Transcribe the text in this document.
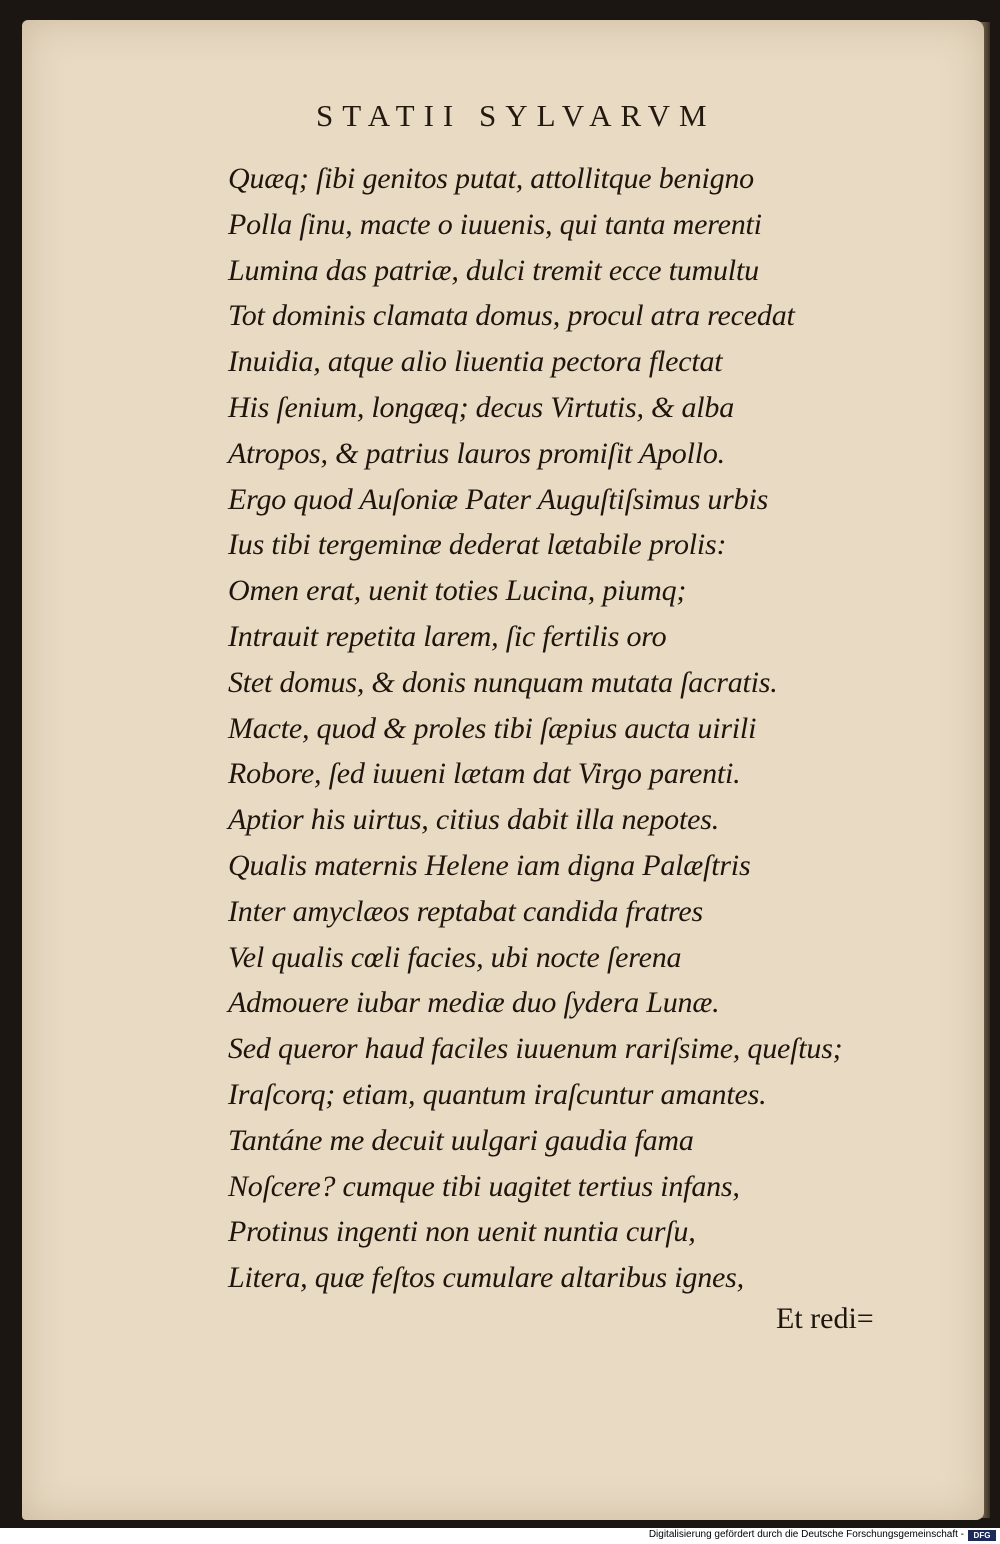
STATII SYLVARVM
Quæq; ſibi genitos putat, attollitque benigno
Polla ſinu, macte o iuuenis, qui tanta merenti
Lumina das patriæ, dulci tremit ecce tumultu
Tot dominis clamata domus, procul atra recedat
Inuidia, atque alio liuentia pectora flectat
His ſenium, longæq; decus Virtutis, & alba
Atropos, & patrius lauros promiſit Apollo.
Ergo quod Auſoniæ Pater Auguſtiſsimus urbis
Ius tibi tergeminæ dederat lætabile prolis:
Omen erat, uenit toties Lucina, piumq;
Intrauit repetita larem, ſic fertilis oro
Stet domus, & donis nunquam mutata ſacratis.
Macte, quod & proles tibi ſæpius aucta uirili
Robore, ſed iuueni lætam dat Virgo parenti.
Aptior his uirtus, citius dabit illa nepotes.
Qualis maternis Helene iam digna Palæſtris
Inter amyclæos reptabat candida fratres
Vel qualis cœli facies, ubi nocte ſerena
Admouere iubar mediæ duo ſydera Lunæ.
Sed queror haud faciles iuuenum rariſsime, queſtus;
Iraſcorq; etiam, quantum iraſcuntur amantes.
Tantáne me decuit uulgari gaudia fama
Noſcere? cumque tibi uagitet tertius infans,
Protinus ingenti non uenit nuntia curſu,
Litera, quæ feſtos cumulare altaribus ignes,
Et redi=
Digitalisierung gefördert durch die Deutsche Forschungsgemeinschaft -	DFG
